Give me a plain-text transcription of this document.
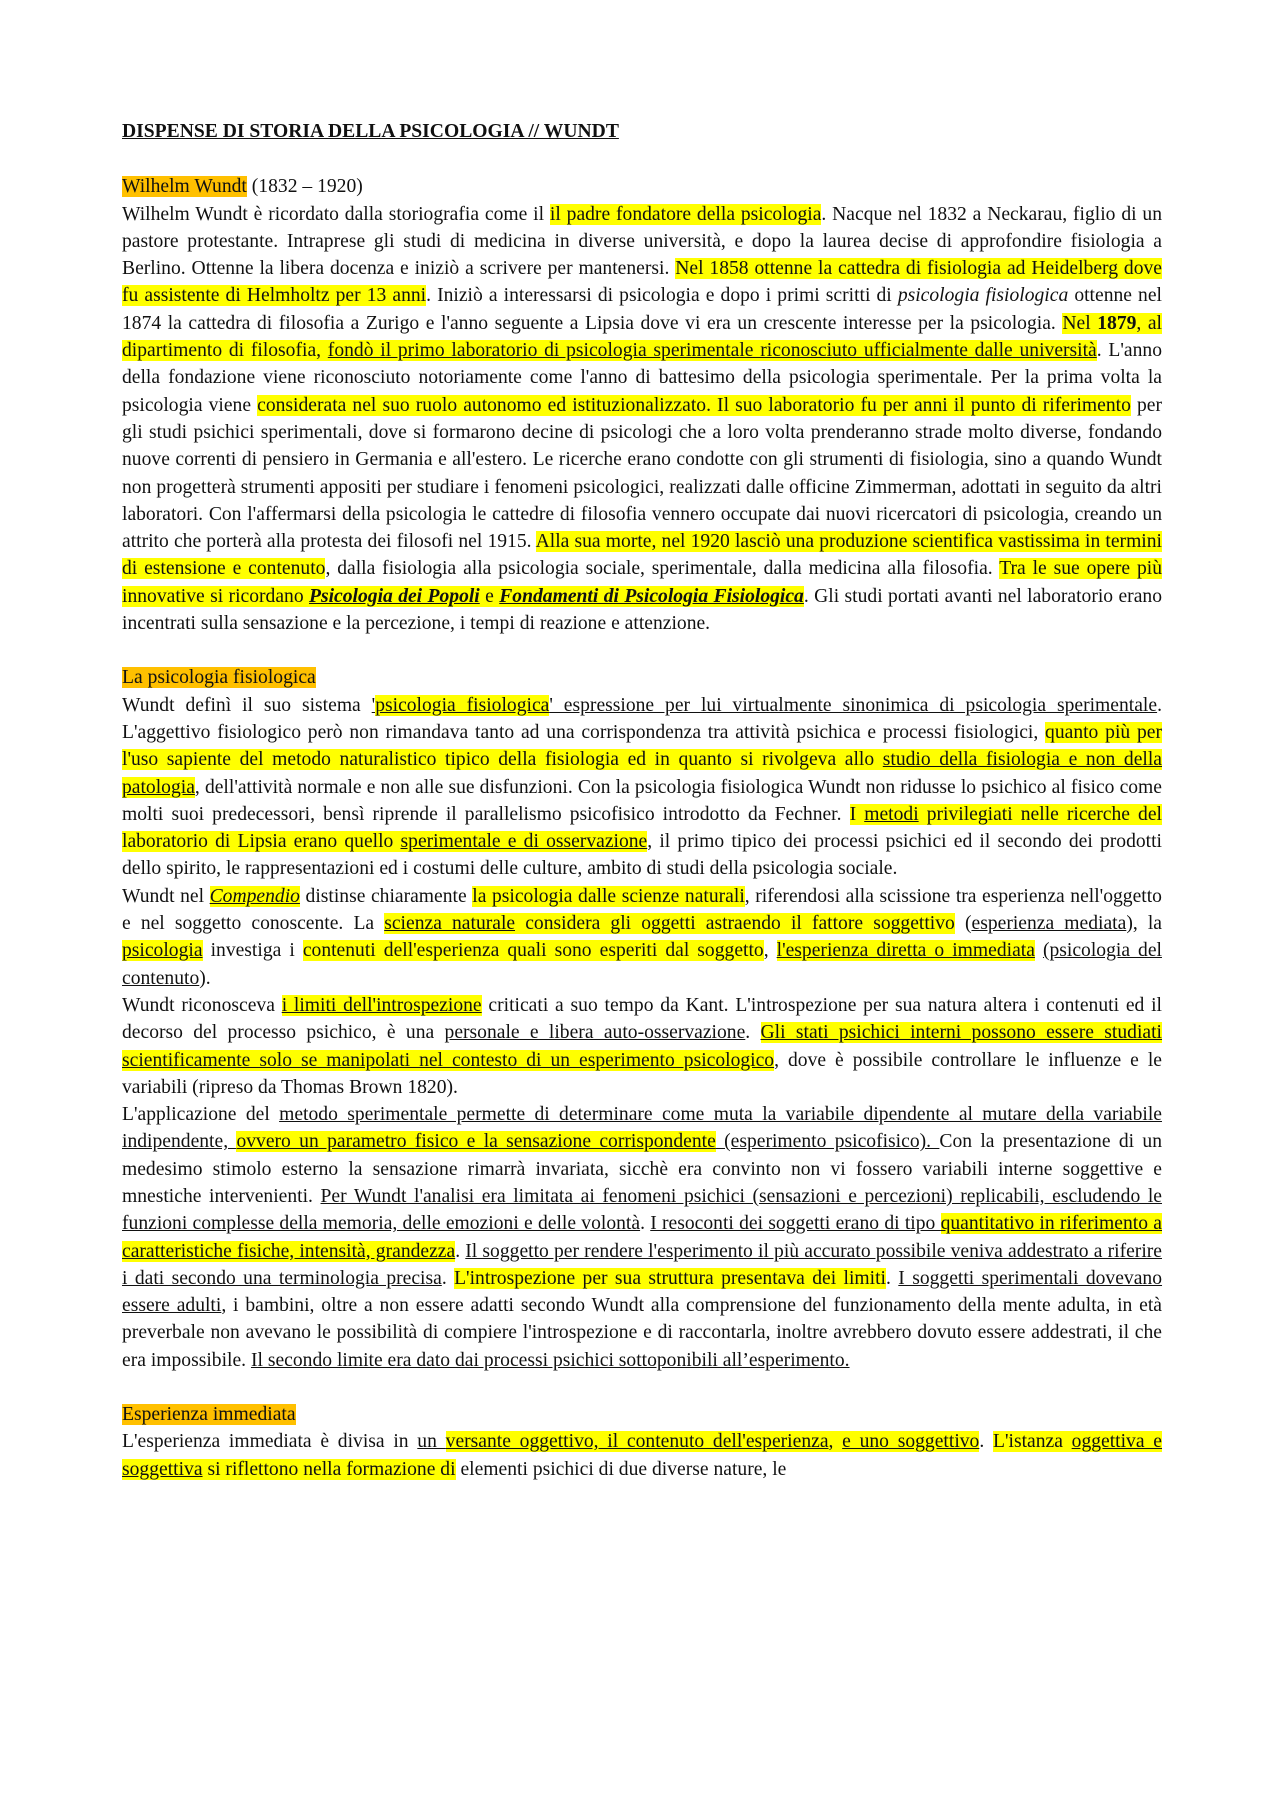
DISPENSE DI STORIA DELLA PSICOLOGIA // WUNDT

Wilhelm Wundt (1832 – 1920)

Wilhelm Wundt è ricordato dalla storiografia come il il padre fondatore della psicologia. Nacque nel 1832 a Neckarau, figlio di un pastore protestante. Intraprese gli studi di medicina in diverse università, e dopo la laurea decise di approfondire fisiologia a Berlino. Ottenne la libera docenza e iniziò a scrivere per mantenersi. Nel 1858 ottenne la cattedra di fisiologia ad Heidelberg dove fu assistente di Helmholtz per 13 anni. Iniziò a interessarsi di psicologia e dopo i primi scritti di psicologia fisiologica ottenne nel 1874 la cattedra di filosofia a Zurigo e l'anno seguente a Lipsia dove vi era un crescente interesse per la psicologia. Nel 1879, al dipartimento di filosofia, fondò il primo laboratorio di psicologia sperimentale riconosciuto ufficialmente dalle università. L'anno della fondazione viene riconosciuto notoriamente come l'anno di battesimo della psicologia sperimentale. Per la prima volta la psicologia viene considerata nel suo ruolo autonomo ed istituzionalizzato. Il suo laboratorio fu per anni il punto di riferimento per gli studi psichici sperimentali, dove si formarono decine di psicologi che a loro volta prenderanno strade molto diverse, fondando nuove correnti di pensiero in Germania e all'estero. Le ricerche erano condotte con gli strumenti di fisiologia, sino a quando Wundt non progetterà strumenti appositi per studiare i fenomeni psicologici, realizzati dalle officine Zimmerman, adottati in seguito da altri laboratori. Con l'affermarsi della psicologia le cattedre di filosofia vennero occupate dai nuovi ricercatori di psicologia, creando un attrito che porterà alla protesta dei filosofi nel 1915. Alla sua morte, nel 1920 lasciò una produzione scientifica vastissima in termini di estensione e contenuto, dalla fisiologia alla psicologia sociale, sperimentale, dalla medicina alla filosofia. Tra le sue opere più innovative si ricordano Psicologia dei Popoli e Fondamenti di Psicologia Fisiologica. Gli studi portati avanti nel laboratorio erano incentrati sulla sensazione e la percezione, i tempi di reazione e attenzione.

La psicologia fisiologica

Wundt definì il suo sistema 'psicologia fisiologica' espressione per lui virtualmente sinonimica di psicologia sperimentale. L'aggettivo fisiologico però non rimandava tanto ad una corrispondenza tra attività psichica e processi fisiologici, quanto più per l'uso sapiente del metodo naturalistico tipico della fisiologia ed in quanto si rivolgeva allo studio della fisiologia e non della patologia, dell'attività normale e non alle sue disfunzioni. Con la psicologia fisiologica Wundt non ridusse lo psichico al fisico come molti suoi predecessori, bensì riprende il parallelismo psicofisico introdotto da Fechner. I metodi privilegiati nelle ricerche del laboratorio di Lipsia erano quello sperimentale e di osservazione, il primo tipico dei processi psichici ed il secondo dei prodotti dello spirito, le rappresentazioni ed i costumi delle culture, ambito di studi della psicologia sociale.

Wundt nel Compendio distinse chiaramente la psicologia dalle scienze naturali, riferendosi alla scissione tra esperienza nell'oggetto e nel soggetto conoscente. La scienza naturale considera gli oggetti astraendo il fattore soggettivo (esperienza mediata), la psicologia investiga i contenuti dell'esperienza quali sono esperiti dal soggetto, l'esperienza diretta o immediata (psicologia del contenuto).

Wundt riconosceva i limiti dell'introspezione criticati a suo tempo da Kant. L'introspezione per sua natura altera i contenuti ed il decorso del processo psichico, è una personale e libera auto-osservazione. Gli stati psichici interni possono essere studiati scientificamente solo se manipolati nel contesto di un esperimento psicologico, dove è possibile controllare le influenze e le variabili (ripreso da Thomas Brown 1820).

L'applicazione del metodo sperimentale permette di determinare come muta la variabile dipendente al mutare della variabile indipendente, ovvero un parametro fisico e la sensazione corrispondente (esperimento psicofisico). Con la presentazione di un medesimo stimolo esterno la sensazione rimarrà invariata, sicchè era convinto non vi fossero variabili interne soggettive e mnestiche intervenienti. Per Wundt l'analisi era limitata ai fenomeni psichici (sensazioni e percezioni) replicabili, escludendo le funzioni complesse della memoria, delle emozioni e delle volontà. I resoconti dei soggetti erano di tipo quantitativo in riferimento a caratteristiche fisiche, intensità, grandezza. Il soggetto per rendere l'esperimento il più accurato possibile veniva addestrato a riferire i dati secondo una terminologia precisa. L'introspezione per sua struttura presentava dei limiti. I soggetti sperimentali dovevano essere adulti, i bambini, oltre a non essere adatti secondo Wundt alla comprensione del funzionamento della mente adulta, in età preverbale non avevano le possibilità di compiere l'introspezione e di raccontarla, inoltre avrebbero dovuto essere addestrati, il che era impossibile. Il secondo limite era dato dai processi psichici sottoponibili all’esperimento.

Esperienza immediata

L'esperienza immediata è divisa in un versante oggettivo, il contenuto dell'esperienza, e uno soggettivo. L'istanza oggettiva e soggettiva si riflettono nella formazione di elementi psichici di due diverse nature, le
